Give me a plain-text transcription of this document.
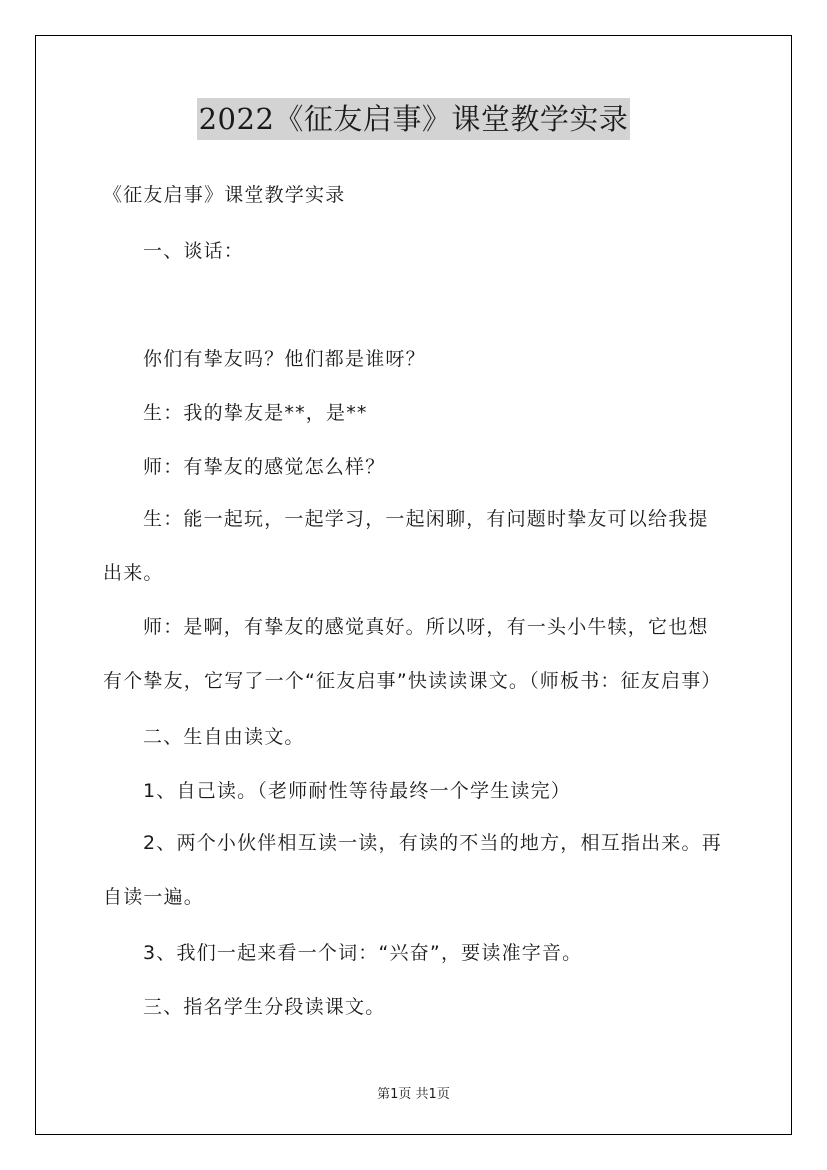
2022《征友启事》课堂教学实录
《征友启事》课堂教学实录
一、谈话：
你们有挚友吗？他们都是谁呀？
生：我的挚友是**，是**
师：有挚友的感觉怎么样？
生：能一起玩，一起学习，一起闲聊，有问题时挚友可以给我提出来。
师：是啊，有挚友的感觉真好。所以呀，有一头小牛犊，它也想有个挚友，它写了一个“征友启事”快读读课文。（师板书：征友启事）
二、生自由读文。
1、自己读。（老师耐性等待最终一个学生读完）
2、两个小伙伴相互读一读，有读的不当的地方，相互指出来。再自读一遍。
3、我们一起来看一个词：“兴奋”，要读准字音。
三、指名学生分段读课文。
第1页 共1页
